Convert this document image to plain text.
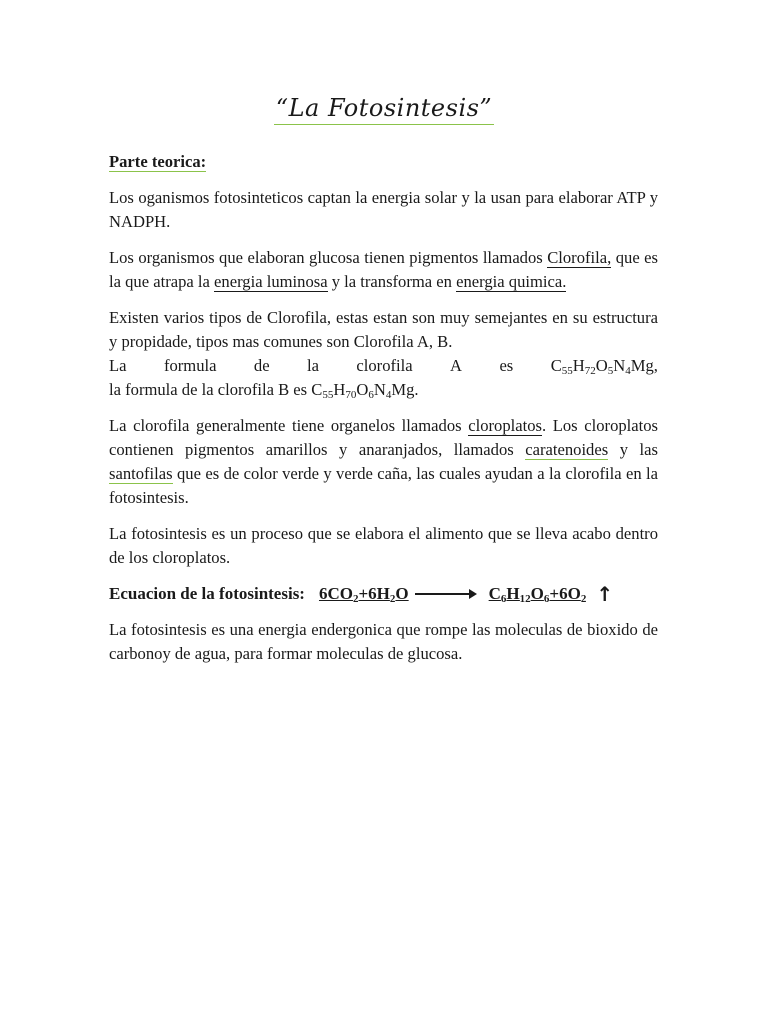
“La Fotosintesis”
Parte teorica:

Los oganismos fotosinteticos captan la energia solar y la usan para elaborar ATP y NADPH.

Los organismos que elaboran glucosa tienen pigmentos llamados Clorofila, que es la que atrapa la energia luminosa y la transforma en energia quimica.

Existen varios tipos de Clorofila, estas estan son muy semejantes en su estructura y propidade, tipos mas comunes son Clorofila A, B.

La formula de la clorofila A es $C_{55}H_{72}O_5N_4Mg$,

la formula de la clorofila B es $C_{55}H_{70}O_6N_4Mg$.

La clorofila generalmente tiene organelos llamados cloroplatos. Los cloroplatos contienen pigmentos amarillos y anaranjados, llamados caratenoides y las santofilas que es de color verde y verde caña, las cuales ayudan a la clorofila en la fotosintesis.

La fotosintesis es un proceso que se elabora el alimento que se lleva acabo dentro de los cloroplatos.

Ecuacion de la fotosintesis: $6CO_2+6H_2O \to C_6H_{12}O_6+6O_2$ ↑

La fotosintesis es una energia endergonica que rompe las moleculas de bioxido de carbonoy de agua, para formar moleculas de glucosa.
